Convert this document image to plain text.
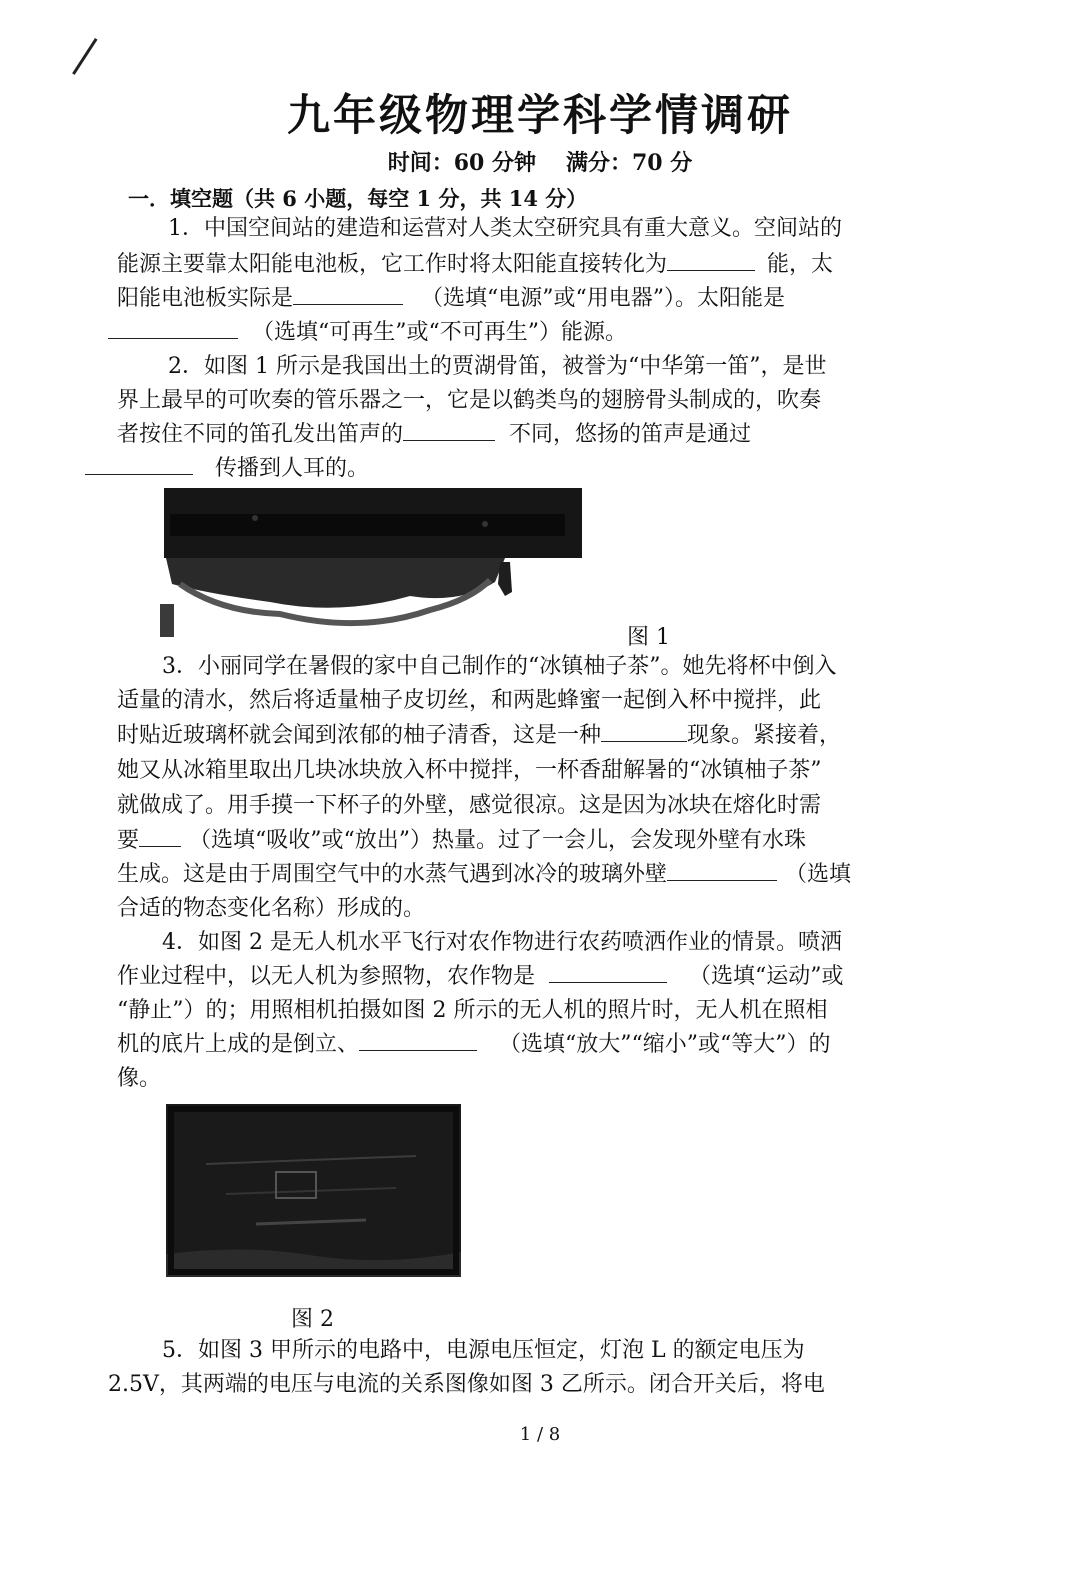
九年级物理学科学情调研
时间：60 分钟 满分：70 分
一．填空题（共 6 小题，每空 1 分，共 14 分）
1．中国空间站的建造和运营对人类太空研究具有重大意义。空间站的
能源主要靠太阳能电池板，它工作时将太阳能直接转化为	能，太
阳能电池板实际是	（选填“电源”或“用电器”）。太阳能是
（选填“可再生”或“不可再生”）能源。
2．如图 1 所示是我国出土的贾湖骨笛，被誉为“中华第一笛”，是世
界上最早的可吹奏的管乐器之一，它是以鹤类鸟的翅膀骨头制成的，吹奏
者按住不同的笛孔发出笛声的	不同，悠扬的笛声是通过
传播到人耳的。
图 1
3．小丽同学在暑假的家中自己制作的“冰镇柚子茶”。她先将杯中倒入
适量的清水，然后将适量柚子皮切丝，和两匙蜂蜜一起倒入杯中搅拌，此
时贴近玻璃杯就会闻到浓郁的柚子清香，这是一种	现象。紧接着，
她又从冰箱里取出几块冰块放入杯中搅拌，一杯香甜解暑的“冰镇柚子茶”
就做成了。用手摸一下杯子的外壁，感觉很凉。这是因为冰块在熔化时需
要 （选填“吸收”或“放出”）热量。过了一会儿，会发现外壁有水珠
生成。这是由于周围空气中的水蒸气遇到冰冷的玻璃外壁	（选填
合适的物态变化名称）形成的。
4．如图 2 是无人机水平飞行对农作物进行农药喷洒作业的情景。喷洒
作业过程中，以无人机为参照物，农作物是	（选填“运动”或
“静止”）的；用照相机拍摄如图 2 所示的无人机的照片时，无人机在照相
机的底片上成的是倒立、	（选填“放大”“缩小”或“等大”）的
像。
图 2
5．如图 3 甲所示的电路中，电源电压恒定，灯泡 L 的额定电压为
2.5V，其两端的电压与电流的关系图像如图 3 乙所示。闭合开关后，将电
1 / 8
